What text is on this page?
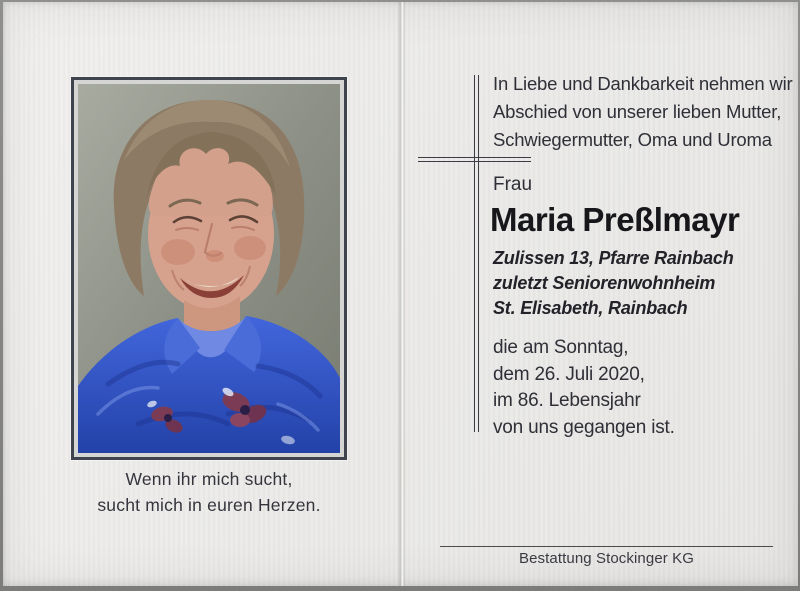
Wenn ihr mich sucht,
sucht mich in euren Herzen.
In Liebe und Dankbarkeit nehmen wir
Abschied von unserer lieben Mutter,
Schwiegermutter, Oma und Uroma
Frau
Maria Preßlmayr
Zulissen 13, Pfarre Rainbach
zuletzt Seniorenwohnheim
St. Elisabeth, Rainbach
die am Sonntag,
dem 26. Juli 2020,
im 86. Lebensjahr
von uns gegangen ist.
Bestattung Stockinger KG
